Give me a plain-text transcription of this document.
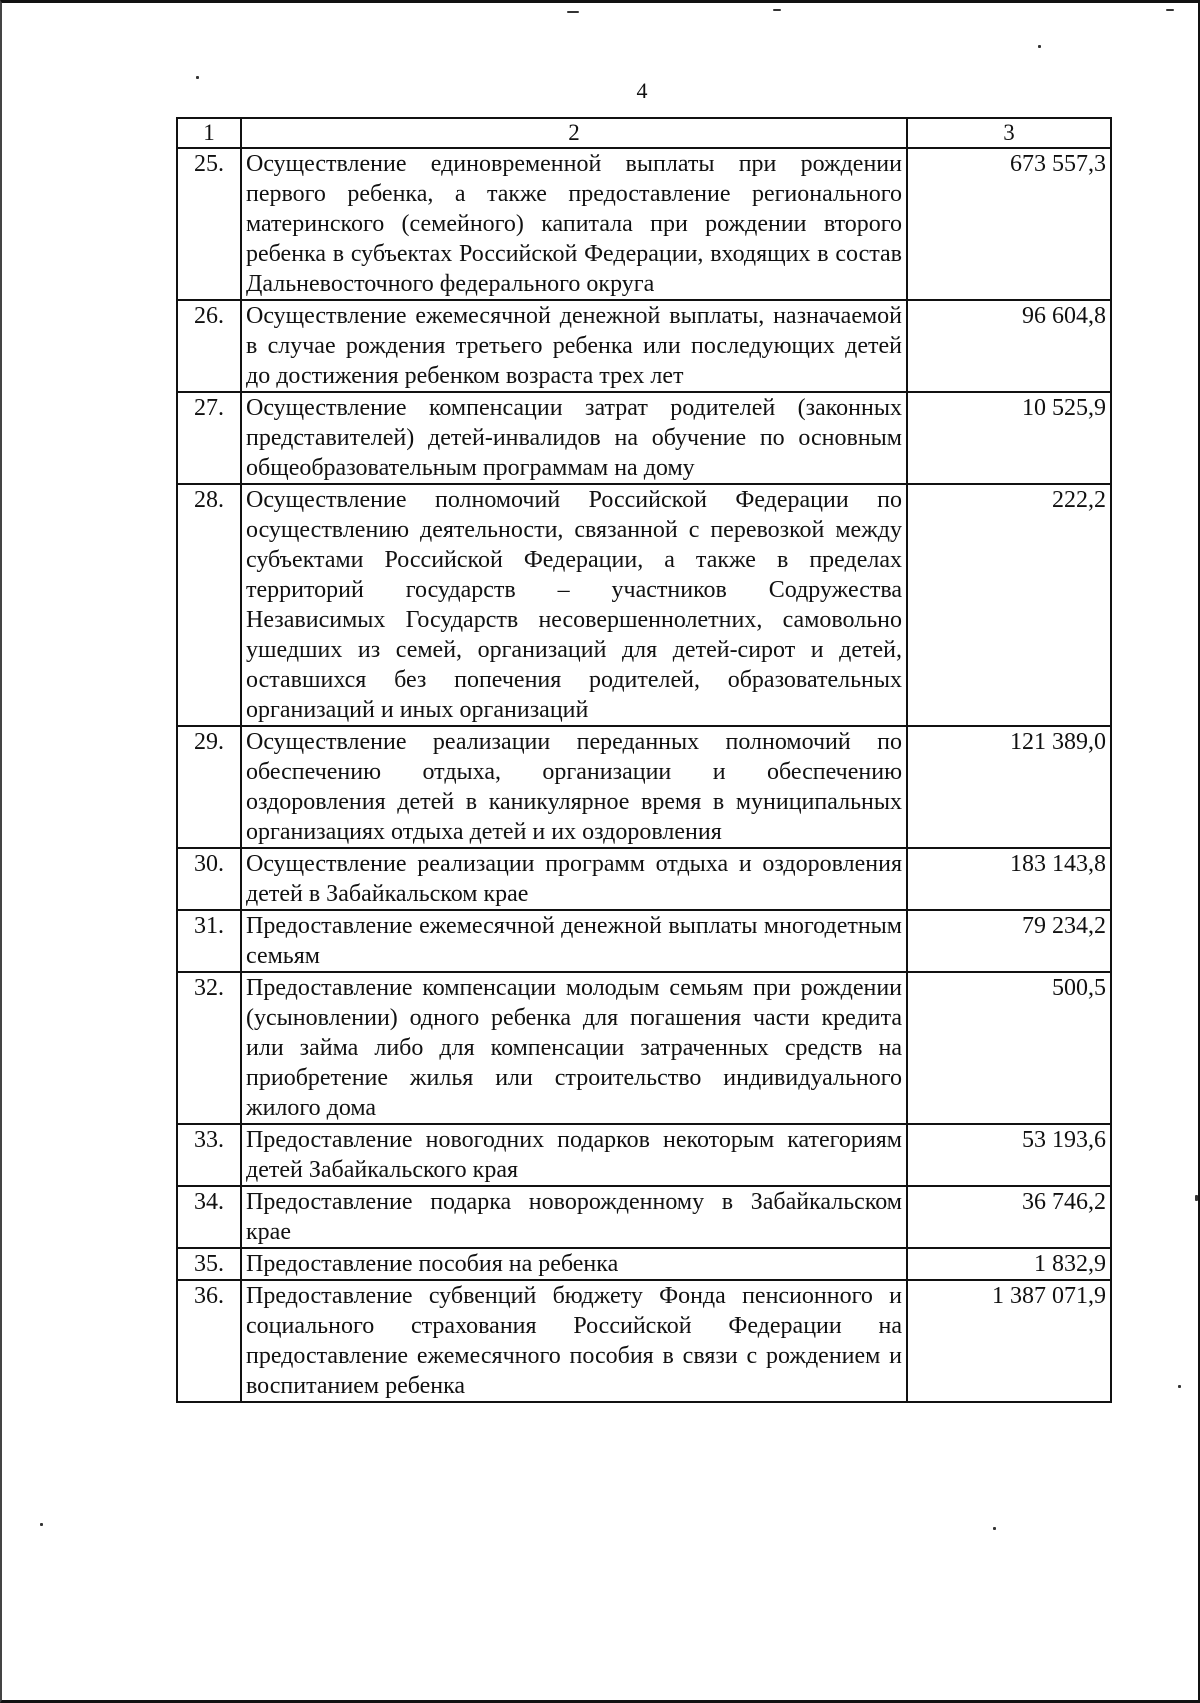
4
1	2	3
25.	Осуществление единовременной выплаты при рождении первого ребенка, а также предоставление регионального материнского (семейного) капитала при рождении второго ребенка в субъектах Российской Федерации, входящих в состав Дальневосточного федерального округа	673 557,3
26.	Осуществление ежемесячной денежной выплаты, назначаемой в случае рождения третьего ребенка или последующих детей до достижения ребенком возраста трех лет	96 604,8
27.	Осуществление компенсации затрат родителей (законных представителей) детей-инвалидов на обучение по основным общеобразовательным программам на дому	10 525,9
28.	Осуществление полномочий Российской Федерации по осуществлению деятельности, связанной с перевозкой между субъектами Российской Федерации, а также в пределах территорий государств – участников Содружества Независимых Государств несовершеннолетних, самовольно ушедших из семей, организаций для детей-сирот и детей, оставшихся без попечения родителей, образовательных организаций и иных организаций	222,2
29.	Осуществление реализации переданных полномочий по обеспечению отдыха, организации и обеспечению оздоровления детей в каникулярное время в муниципальных организациях отдыха детей и их оздоровления	121 389,0
30.	Осуществление реализации программ отдыха и оздоровления детей в Забайкальском крае	183 143,8
31.	Предоставление ежемесячной денежной выплаты многодетным семьям	79 234,2
32.	Предоставление компенсации молодым семьям при рождении (усыновлении) одного ребенка для погашения части кредита или займа либо для компенсации затраченных средств на приобретение жилья или строительство индивидуального жилого дома	500,5
33.	Предоставление новогодних подарков некоторым категориям детей Забайкальского края	53 193,6
34.	Предоставление подарка новорожденному в Забайкальском крае	36 746,2
35.	Предоставление пособия на ребенка	1 832,9
36.	Предоставление субвенций бюджету Фонда пенсионного и социального страхования Российской Федерации на предоставление ежемесячного пособия в связи с рождением и воспитанием ребенка	1 387 071,9
